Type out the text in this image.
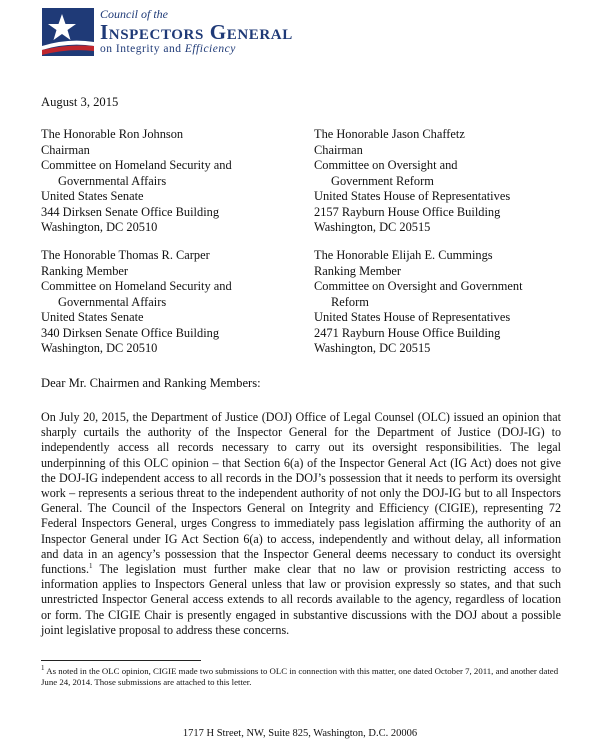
Council of the
Inspectors General
on Integrity and Efficiency
August 3, 2015
The Honorable Ron Johnson
Chairman
Committee on Homeland Security and
Governmental Affairs
United States Senate
344 Dirksen Senate Office Building
Washington, DC 20510
The Honorable Jason Chaffetz
Chairman
Committee on Oversight and
Government Reform
United States House of Representatives
2157 Rayburn House Office Building
Washington, DC 20515
The Honorable Thomas R. Carper
Ranking Member
Committee on Homeland Security and
Governmental Affairs
United States Senate
340 Dirksen Senate Office Building
Washington, DC 20510
The Honorable Elijah E. Cummings
Ranking Member
Committee on Oversight and Government
Reform
United States House of Representatives
2471 Rayburn House Office Building
Washington, DC 20515
Dear Mr. Chairmen and Ranking Members:
On July 20, 2015, the Department of Justice (DOJ) Office of Legal Counsel (OLC) issued an opinion that sharply curtails the authority of the Inspector General for the Department of Justice (DOJ-IG) to independently access all records necessary to carry out its oversight responsibilities. The legal underpinning of this OLC opinion – that Section 6(a) of the Inspector General Act (IG Act) does not give the DOJ-IG independent access to all records in the DOJ’s possession that it needs to perform its oversight work – represents a serious threat to the independent authority of not only the DOJ-IG but to all Inspectors General. The Council of the Inspectors General on Integrity and Efficiency (CIGIE), representing 72 Federal Inspectors General, urges Congress to immediately pass legislation affirming the authority of an Inspector General under IG Act Section 6(a) to access, independently and without delay, all information and data in an agency’s possession that the Inspector General deems necessary to conduct its oversight functions.$^1$ The legislation must further make clear that no law or provision restricting access to information applies to Inspectors General unless that law or provision expressly so states, and that such unrestricted Inspector General access extends to all records available to the agency, regardless of location or form. The CIGIE Chair is presently engaged in substantive discussions with the DOJ about a possible joint legislative proposal to address these concerns.
$^1$ As noted in the OLC opinion, CIGIE made two submissions to OLC in connection with this matter, one dated October 7, 2011, and another dated June 24, 2014. Those submissions are attached to this letter.
1717 H Street, NW, Suite 825, Washington, D.C. 20006
